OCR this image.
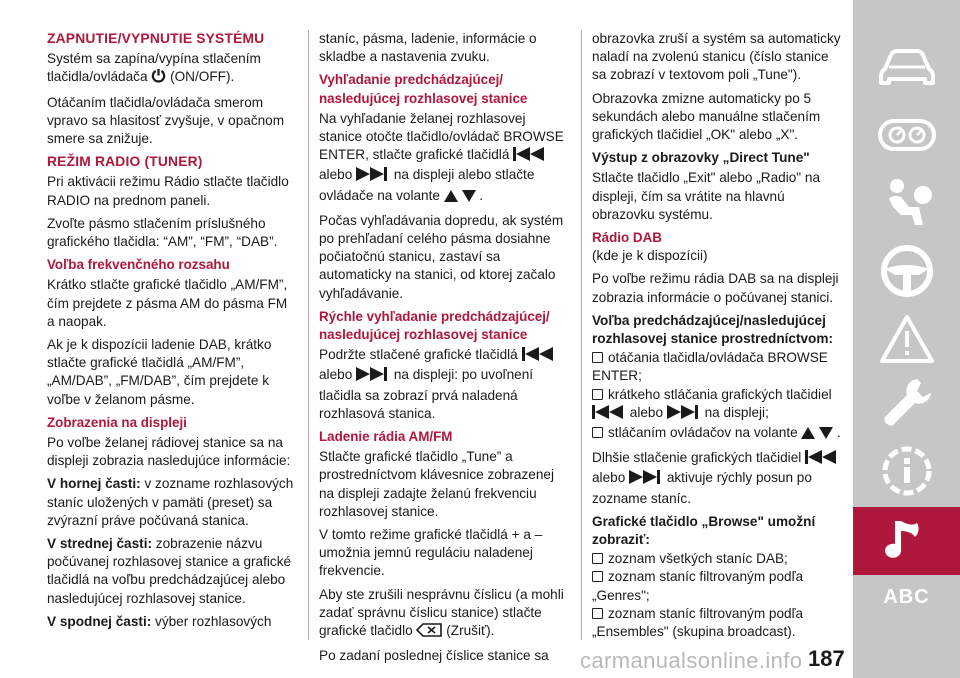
ZAPNUTIE/VYPNUTIE SYSTÉMU

Systém sa zapína/vypína stlačením tlačidla/ovládača (ON/OFF).

Otáčaním tlačidla/ovládača smerom vpravo sa hlasitosť zvyšuje, v opačnom smere sa znižuje.

REŽIM RADIO (TUNER)

Pri aktivácii režimu Rádio stlačte tlačidlo RADIO na prednom paneli.

Zvoľte pásmo stlačením príslušného grafického tlačidla: “AM”, “FM”, “DAB”.

Voľba frekvenčného rozsahu

Krátko stlačte grafické tlačidlo „AM/FM”, čím prejdete z pásma AM do pásma FM a naopak.

Ak je k dispozícii ladenie DAB, krátko stlačte grafické tlačidlá „AM/FM”, „AM/DAB”, „FM/DAB”, čím prejdete k voľbe v želanom pásme.

Zobrazenia na displeji

Po voľbe želanej rádiovej stanice sa na displeji zobrazia nasledujúce informácie:

V hornej časti: v zozname rozhlasových staníc uložených v pamäti (preset) sa zvýrazní práve počúvaná stanica.

V strednej časti: zobrazenie názvu počúvanej rozhlasovej stanice a grafické tlačidlá na voľbu predchádzajúcej alebo nasledujúcej rozhlasovej stanice.

V spodnej časti: výber rozhlasových

staníc, pásma, ladenie, informácie o skladbe a nastavenia zvuku.

Vyhľadanie predchádzajúcej/ nasledujúcej rozhlasovej stanice

Na vyhľadanie želanej rozhlasovej stanice otočte tlačidlo/ovládač BROWSE ENTER, stlačte grafické tlačidlá  alebo	na displeji alebo stlačte ovládače na volante	.

Počas vyhľadávania dopredu, ak systém po prehľadaní celého pásma dosiahne počiatočnú stanicu, zastaví sa automaticky na stanici, od ktorej začalo vyhľadávanie.

Rýchle vyhľadanie predchádzajúcej/ nasledujúcej rozhlasovej stanice

Podržte stlačené grafické tlačidlá  alebo	na displeji: po uvoľnení tlačidla sa zobrazí prvá naladená rozhlasová stanica.

Ladenie rádia AM/FM

Stlačte grafické tlačidlo „Tune” a prostredníctvom klávesnice zobrazenej na displeji zadajte želanú frekvenciu rozhlasovej stanice.

V tomto režime grafické tlačidlá + a – umožnia jemnú reguláciu naladenej frekvencie.

Aby ste zrušili nesprávnu číslicu (a mohli zadať správnu číslicu stanice) stlačte grafické tlačidlo (Zrušiť).

Po zadaní poslednej číslice stanice sa

obrazovka zruší a systém sa automaticky naladí na zvolenú stanicu (číslo stanice sa zobrazí v textovom poli „Tune").

Obrazovka zmizne automaticky po 5 sekundách alebo manuálne stlačením grafických tlačidiel „OK" alebo „X".

Výstup z obrazovky „Direct Tune"

Stlačte tlačidlo „Exit" alebo „Radio" na displeji, čím sa vrátite na hlavnú obrazovku systému.

Rádio DAB

(kde je k dispozícii)

Po voľbe režimu rádia DAB sa na displeji zobrazia informácie o počúvanej stanici.

Voľba predchádzajúcej/nasledujúcej rozhlasovej stanice prostredníctvom:

otáčania tlačidla/ovládača BROWSE ENTER;
krátkeho stláčania grafických tlačidiel  alebo	na displeji;
stláčaním ovládačov na volante	.

Dlhšie stlačenie grafických tlačidiel  alebo	aktivuje rýchly posun po zozname staníc.

Grafické tlačidlo „Browse" umožní zobraziť:

zoznam všetkých staníc DAB;
zoznam staníc filtrovaným podľa „Genres";
zoznam staníc filtrovaným podľa „Ensembles" (skupina broadcast).
ABC
carmanualsonline.info 187
